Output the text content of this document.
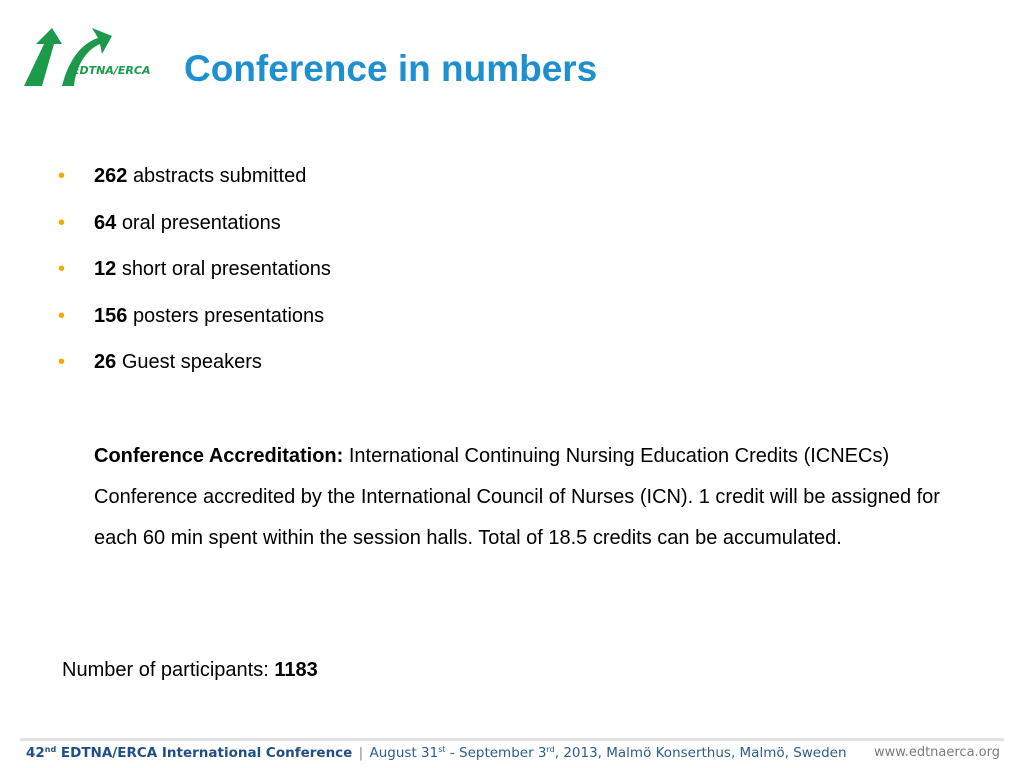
EDTNA/ERCA Conference in numbers
• 262 abstracts submitted
• 64 oral presentations
• 12 short oral presentations
• 156 posters presentations
• 26 Guest speakers
Conference Accreditation: International Continuing Nursing Education Credits (ICNECs) Conference accredited by the International Council of Nurses (ICN). 1 credit will be assigned for each 60 min spent within the session halls. Total of 18.5 credits can be accumulated.
Number of participants: 1183
42nd EDTNA/ERCA International Conference | August 31st - September 3rd, 2013, Malmö Konserthus, Malmö, Sweden www.edtnaerca.org
